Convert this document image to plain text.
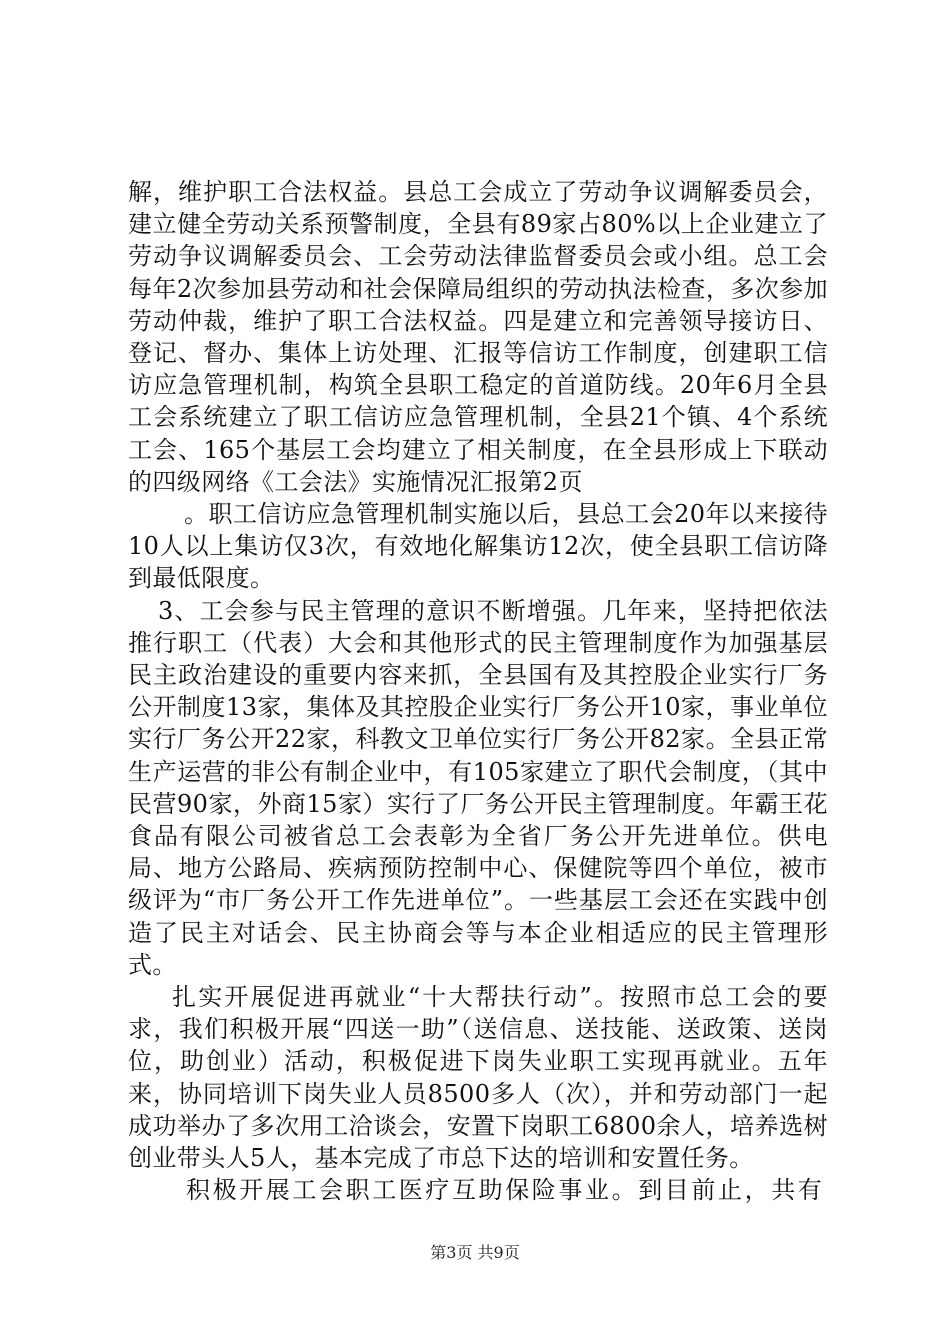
解，维护职工合法权益。县总工会成立了劳动争议调解委员会，建立健全劳动关系预警制度，全县有89家占80%以上企业建立了劳动争议调解委员会、工会劳动法律监督委员会或小组。总工会每年2次参加县劳动和社会保障局组织的劳动执法检查，多次参加劳动仲裁，维护了职工合法权益。四是建立和完善领导接访日、登记、督办、集体上访处理、汇报等信访工作制度，创建职工信访应急管理机制，构筑全县职工稳定的首道防线。20年6月全县工会系统建立了职工信访应急管理机制，全县21个镇、4个系统工会、165个基层工会均建立了相关制度，在全县形成上下联动的四级网络《工会法》实施情况汇报第2页

。职工信访应急管理机制实施以后，县总工会20年以来接待10人以上集访仅3次，有效地化解集访12次，使全县职工信访降到最低限度。

3、工会参与民主管理的意识不断增强。几年来，坚持把依法推行职工（代表）大会和其他形式的民主管理制度作为加强基层民主政治建设的重要内容来抓，全县国有及其控股企业实行厂务公开制度13家，集体及其控股企业实行厂务公开10家，事业单位实行厂务公开22家，科教文卫单位实行厂务公开82家。全县正常生产运营的非公有制企业中，有105家建立了职代会制度，（其中民营90家，外商15家）实行了厂务公开民主管理制度。年霸王花食品有限公司被省总工会表彰为全省厂务公开先进单位。供电局、地方公路局、疾病预防控制中心、保健院等四个单位，被市级评为“市厂务公开工作先进单位”。一些基层工会还在实践中创造了民主对话会、民主协商会等与本企业相适应的民主管理形式。

扎实开展促进再就业“十大帮扶行动”。按照市总工会的要求，我们积极开展“四送一助”（送信息、送技能、送政策、送岗位，助创业）活动，积极促进下岗失业职工实现再就业。五年来，协同培训下岗失业人员8500多人（次），并和劳动部门一起成功举办了多次用工洽谈会，安置下岗职工6800余人，培养选树创业带头人5人，基本完成了市总下达的培训和安置任务。

积极开展工会职工医疗互助保险事业。到目前止，共有

第3页 共9页
